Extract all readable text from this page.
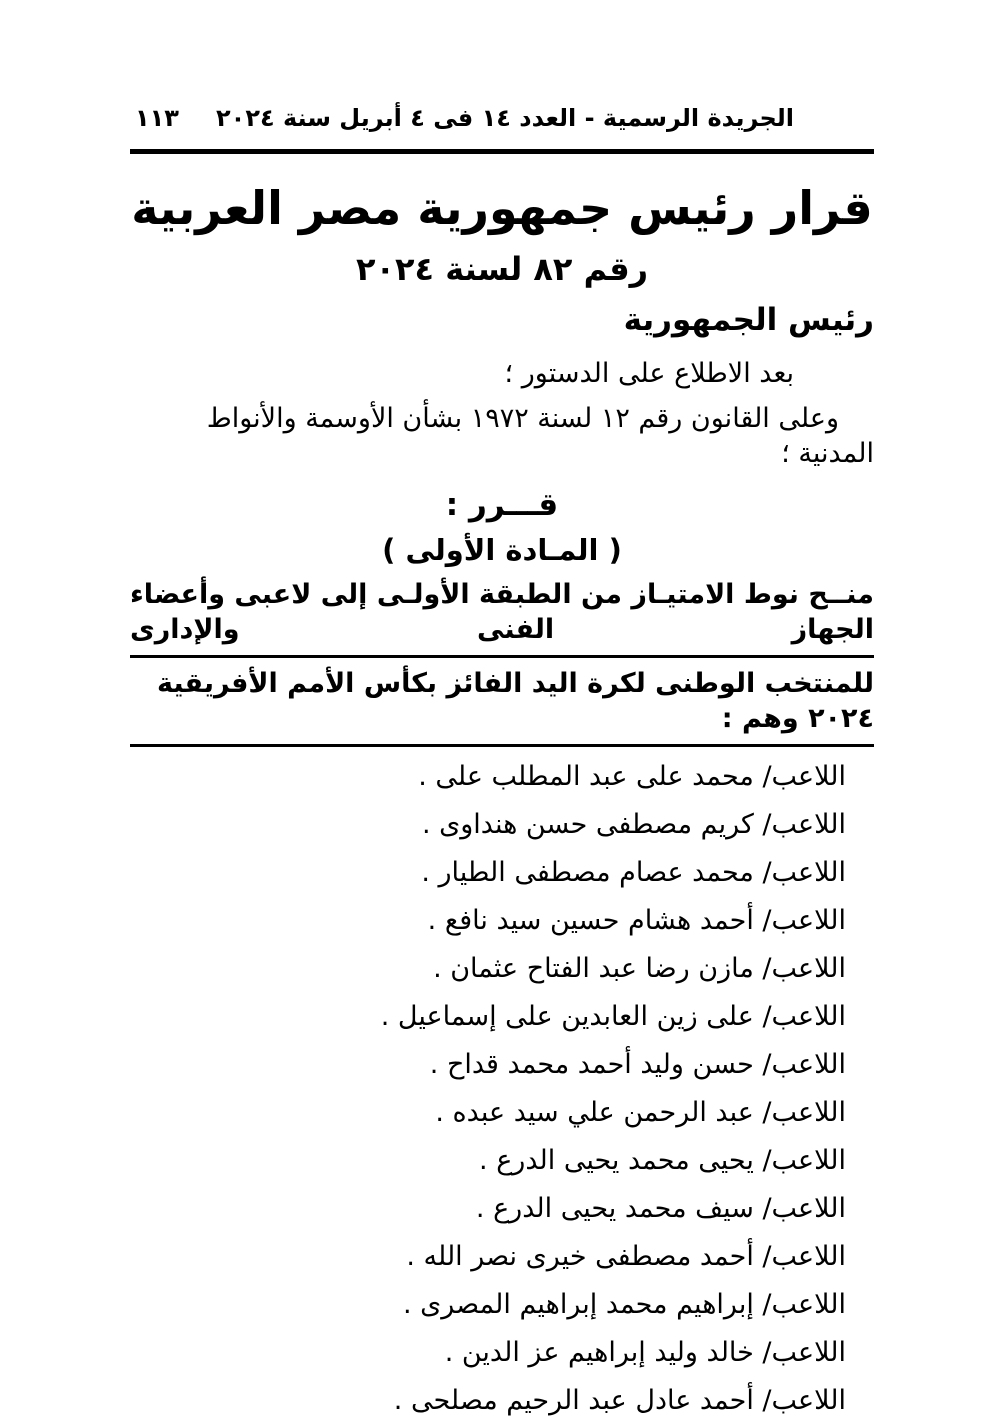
١١٣	الجريدة الرسمية - العدد ١٤ فى ٤ أبريل سنة ٢٠٢٤
قرار رئيس جمهورية مصر العربية
رقم ٨٢ لسنة ٢٠٢٤
رئيس الجمهورية

بعد الاطلاع على الدستور ؛

وعلى القانون رقم ١٢ لسنة ١٩٧٢ بشأن الأوسمة والأنواط المدنية ؛

قـــرر :

( المـادة الأولى )

منــح نوط الامتيـاز من الطبقة الأولـى إلى لاعبى وأعضاء الجهاز الفنى والإدارى

للمنتخب الوطنى لكرة اليد الفائز بكأس الأمم الأفريقية ٢٠٢٤ وهم :

اللاعب/ محمد على عبد المطلب على .

اللاعب/ كريم مصطفى حسن هنداوى .

اللاعب/ محمد عصام مصطفى الطيار .

اللاعب/ أحمد هشام حسين سيد نافع .

اللاعب/ مازن رضا عبد الفتاح عثمان .

اللاعب/ على زين العابدين على إسماعيل .

اللاعب/ حسن وليد أحمد محمد قداح .

اللاعب/ عبد الرحمن علي سيد عبده .

اللاعب/ يحيى محمد يحيى الدرع .

اللاعب/ سيف محمد يحيى الدرع .

اللاعب/ أحمد مصطفى خيرى نصر الله .

اللاعب/ إبراهيم محمد إبراهيم المصرى .

اللاعب/ خالد وليد إبراهيم عز الدين .

اللاعب/ أحمد عادل عبد الرحيم مصلحى .
